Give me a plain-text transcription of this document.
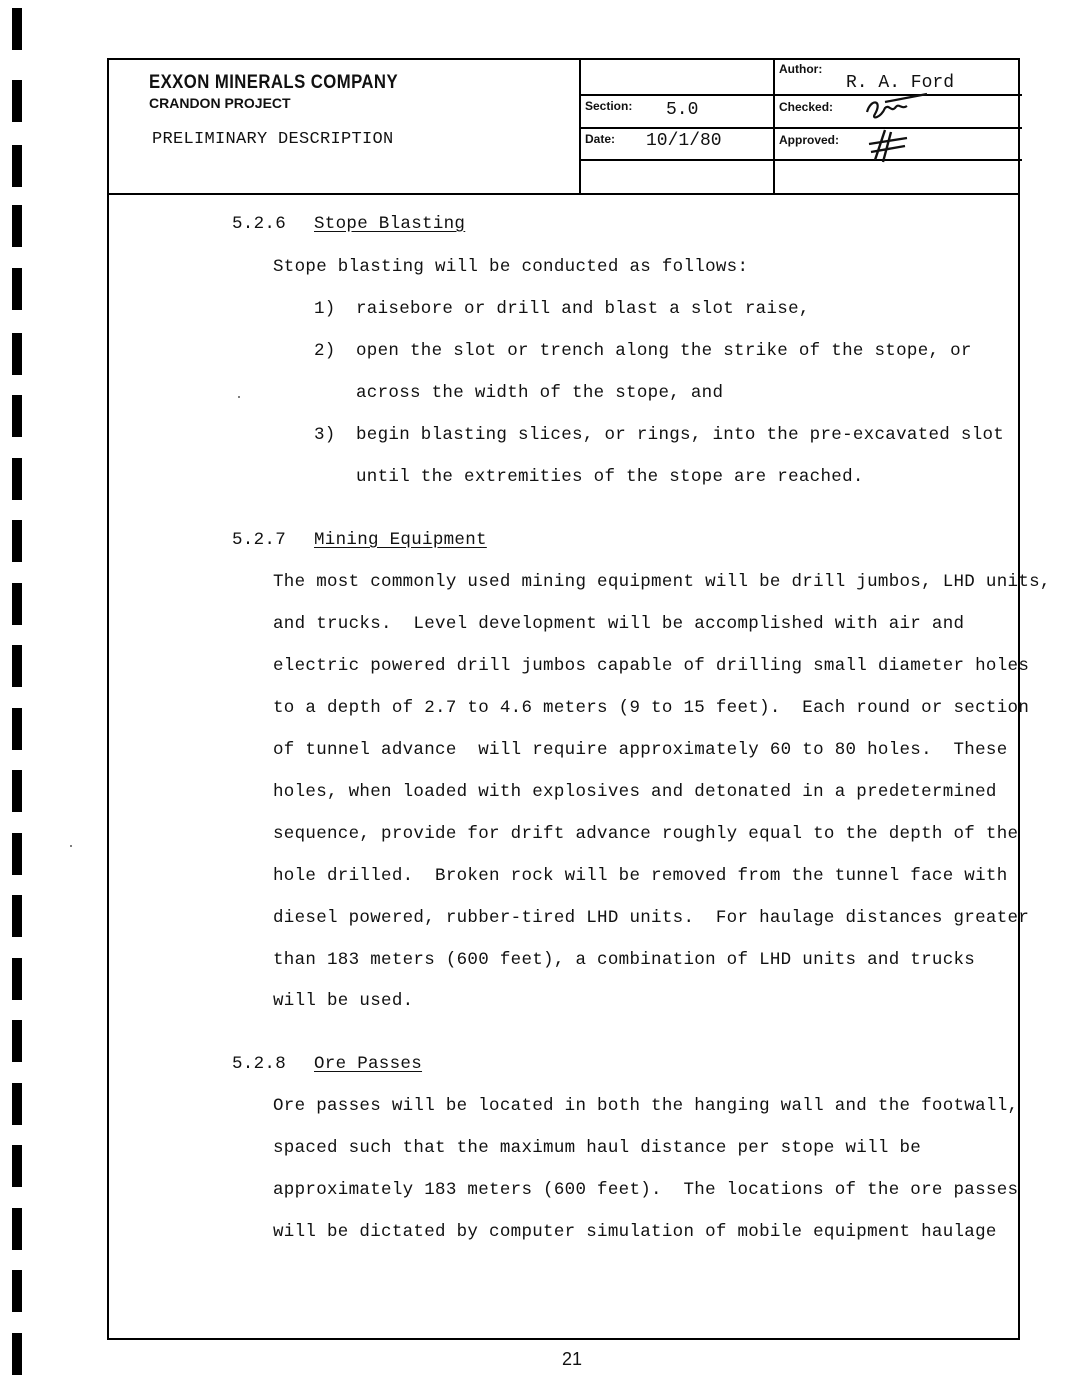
EXXON MINERALS COMPANY
CRANDON PROJECT
PRELIMINARY DESCRIPTION
Section: 5.0
Date: 10/1/80
Author:
R. A. Ford
Checked:
Approved:
5.2.6 Stope Blasting
Stope blasting will be conducted as follows:
1) raisebore or drill and blast a slot raise,
2) open the slot or trench along the strike of the stope, or
across the width of the stope, and
3) begin blasting slices, or rings, into the pre-excavated slot
until the extremities of the stope are reached.
5.2.7 Mining Equipment
The most commonly used mining equipment will be drill jumbos, LHD units,
and trucks.  Level development will be accomplished with air and
electric powered drill jumbos capable of drilling small diameter holes
to a depth of 2.7 to 4.6 meters (9 to 15 feet).  Each round or section
of tunnel advance  will require approximately 60 to 80 holes.  These
holes, when loaded with explosives and detonated in a predetermined
sequence, provide for drift advance roughly equal to the depth of the
hole drilled.  Broken rock will be removed from the tunnel face with
diesel powered, rubber-tired LHD units.  For haulage distances greater
than 183 meters (600 feet), a combination of LHD units and trucks
will be used.
5.2.8 Ore Passes
Ore passes will be located in both the hanging wall and the footwall,
spaced such that the maximum haul distance per stope will be
approximately 183 meters (600 feet).  The locations of the ore passes
will be dictated by computer simulation of mobile equipment haulage
21
